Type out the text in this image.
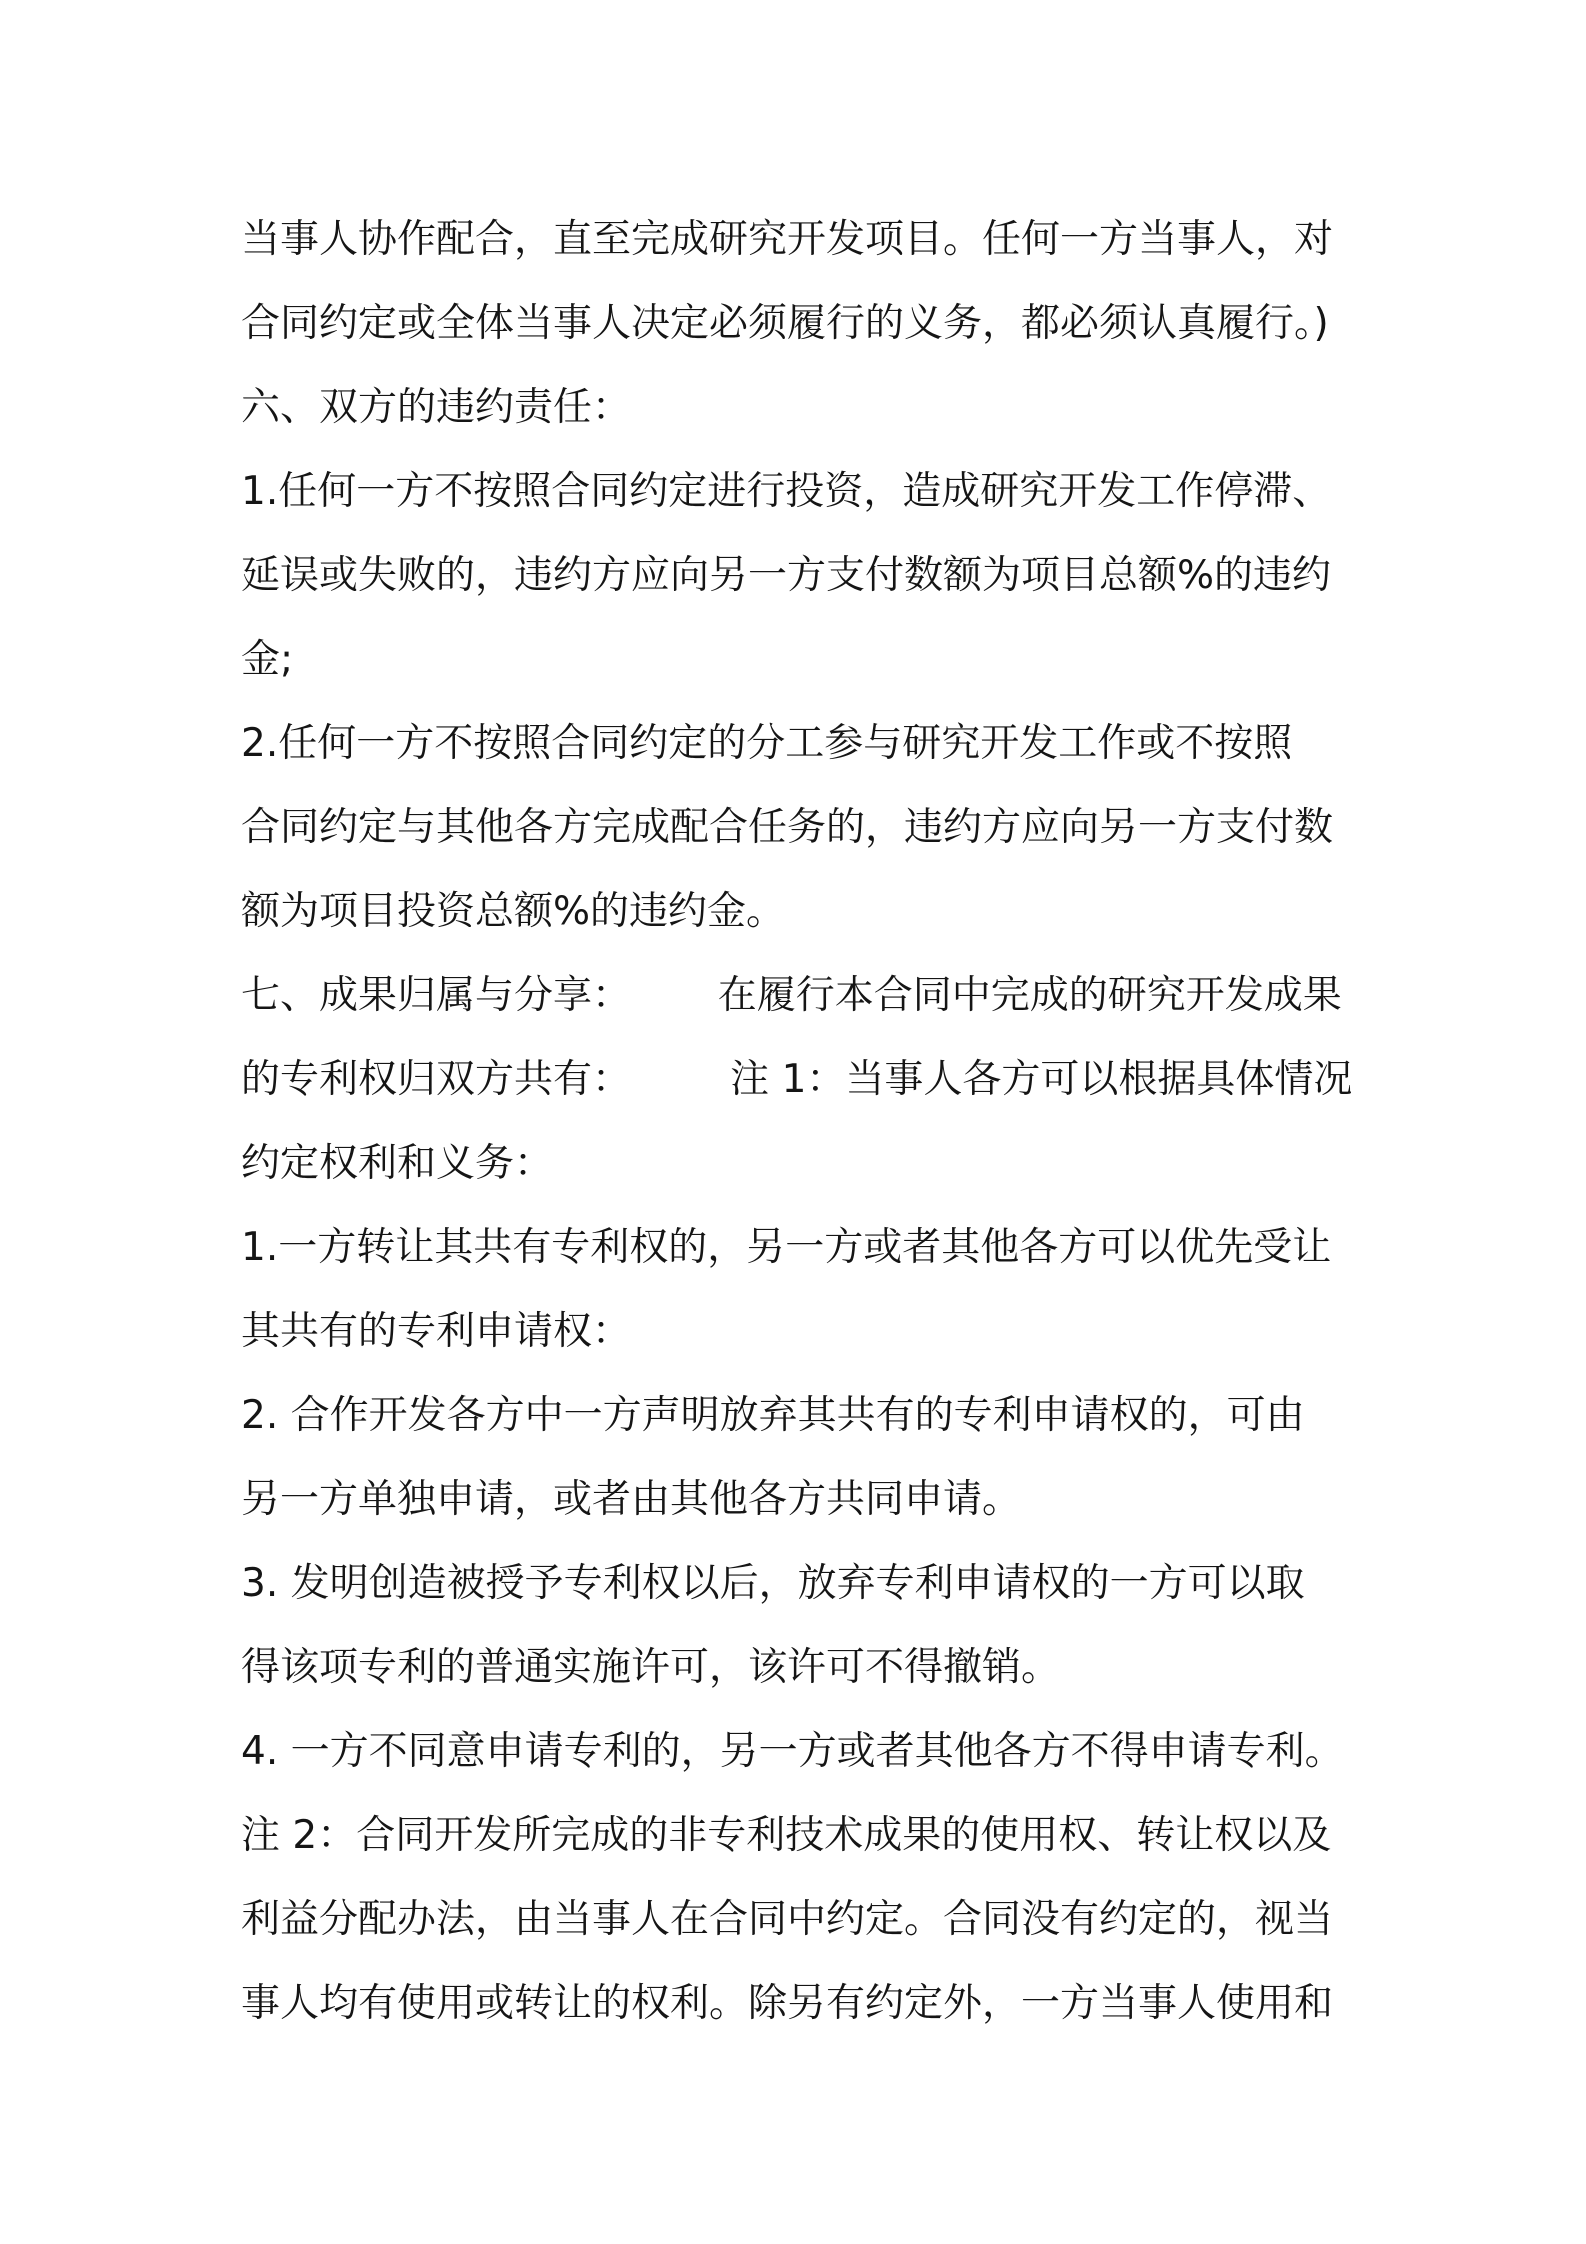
当事人协作配合，直至完成研究开发项目。任何一方当事人，对
合同约定或全体当事人决定必须履行的义务，都必须认真履行。)
六、双方的违约责任：
1.任何一方不按照合同约定进行投资，造成研究开发工作停滞、
延误或失败的，违约方应向另一方支付数额为项目总额%的违约
金;
2.任何一方不按照合同约定的分工参与研究开发工作或不按照
合同约定与其他各方完成配合任务的，违约方应向另一方支付数
额为项目投资总额%的违约金。
七、成果归属与分享：       在履行本合同中完成的研究开发成果
的专利权归双方共有：        注 1：当事人各方可以根据具体情况
约定权利和义务：
1.一方转让其共有专利权的，另一方或者其他各方可以优先受让
其共有的专利申请权：
2. 合作开发各方中一方声明放弃其共有的专利申请权的，可由
另一方单独申请，或者由其他各方共同申请。
3. 发明创造被授予专利权以后，放弃专利申请权的一方可以取
得该项专利的普通实施许可，该许可不得撤销。
4. 一方不同意申请专利的，另一方或者其他各方不得申请专利。
注 2：合同开发所完成的非专利技术成果的使用权、转让权以及
利益分配办法，由当事人在合同中约定。合同没有约定的，视当
事人均有使用或转让的权利。除另有约定外，一方当事人使用和
